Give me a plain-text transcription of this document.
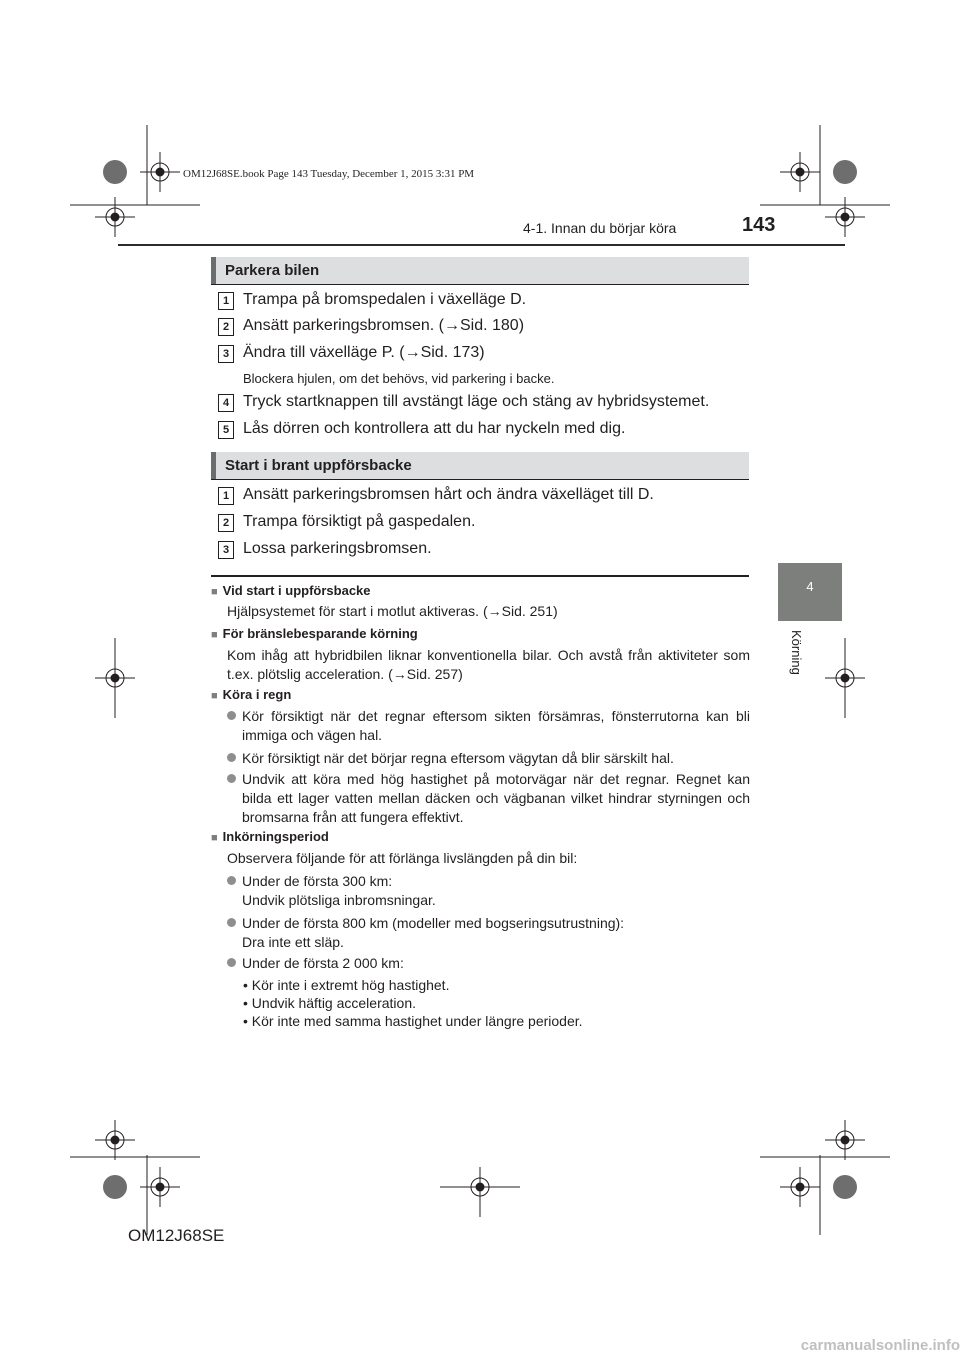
OM12J68SE.book Page 143 Tuesday, December 1, 2015 3:31 PM
4-1. Innan du börjar köra	143
4
Körning
Parkera bilen
1 Trampa på bromspedalen i växelläge D.
2 Ansätt parkeringsbromsen. (→Sid. 180)
3 Ändra till växelläge P. (→Sid. 173)
Blockera hjulen, om det behövs, vid parkering i backe.
4 Tryck startknappen till avstängt läge och stäng av hybridsystemet.
5 Lås dörren och kontrollera att du har nyckeln med dig.
Start i brant uppförsbacke
1 Ansätt parkeringsbromsen hårt och ändra växelläget till D.
2 Trampa försiktigt på gaspedalen.
3 Lossa parkeringsbromsen.
■ Vid start i uppförsbacke
Hjälpsystemet för start i motlut aktiveras. (→Sid. 251)
■ För bränslebesparande körning
Kom ihåg att hybridbilen liknar konventionella bilar. Och avstå från aktiviteter som t.ex. plötslig acceleration. (→Sid. 257)
■ Köra i regn
Kör försiktigt när det regnar eftersom sikten försämras, fönsterrutorna kan bli immiga och vägen hal.
Kör försiktigt när det börjar regna eftersom vägytan då blir särskilt hal.
Undvik att köra med hög hastighet på motorvägar när det regnar. Regnet kan bilda ett lager vatten mellan däcken och vägbanan vilket hindrar styrningen och bromsarna från att fungera effektivt.
■ Inkörningsperiod
Observera följande för att förlänga livslängden på din bil:
Under de första 300 km:
Undvik plötsliga inbromsningar.
Under de första 800 km (modeller med bogseringsutrustning):
Dra inte ett släp.
Under de första 2 000 km:
• Kör inte i extremt hög hastighet.
• Undvik häftig acceleration.
• Kör inte med samma hastighet under längre perioder.
OM12J68SE
carmanualsonline.info
